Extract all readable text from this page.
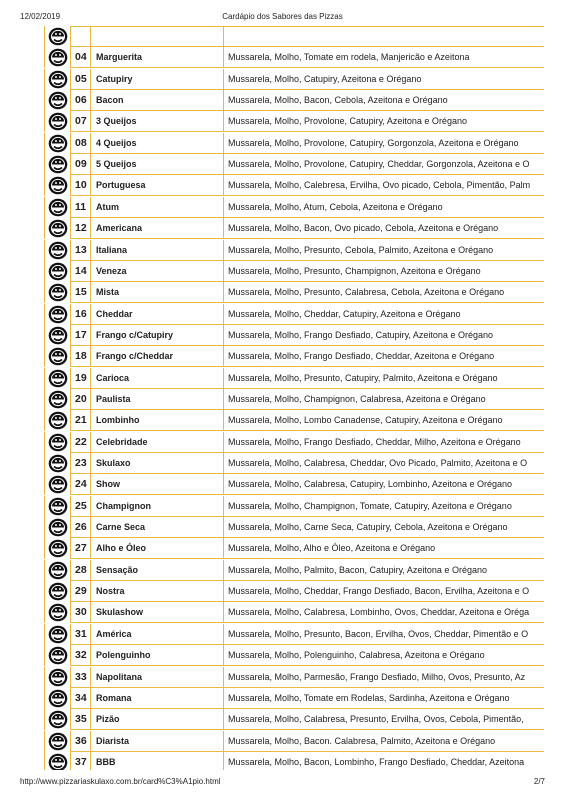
12/02/2019	Cardápio dos Sabores das Pizzas
04	Marguerita	Mussarela, Molho, Tomate em rodela, Manjericão e Azeitona
05	Catupiry	Mussarela, Molho, Catupiry, Azeitona e Orégano
06	Bacon	Mussarela, Molho, Bacon, Cebola, Azeitona e Orégano
07	3 Queijos	Mussarela, Molho, Provolone, Catupiry, Azeitona e Orégano
08	4 Queijos	Mussarela, Molho, Provolone, Catupiry, Gorgonzola, Azeitona e Orégano
09	5 Queijos	Mussarela, Molho, Provolone, Catupiry, Cheddar, Gorgonzola, Azeitona e O
10	Portuguesa	Mussarela, Molho, Calebresa, Ervilha, Ovo picado, Cebola, Pimentão, Palm
11	Atum	Mussarela, Molho, Atum, Cebola, Azeitona e Orégano
12	Americana	Mussarela, Molho, Bacon, Ovo picado, Cebola, Azeitona e Orégano
13	Italiana	Mussarela, Molho, Presunto, Cebola, Palmito, Azeitona e Orégano
14	Veneza	Mussarela, Molho, Presunto, Champignon, Azeitona e Orégano
15	Mista	Mussarela, Molho, Presunto, Calabresa, Cebola, Azeitona e Orégano
16	Cheddar	Mussarela, Molho, Cheddar, Catupiry, Azeitona e Orégano
17	Frango c/Catupiry	Mussarela, Molho, Frango Desfiado, Catupiry, Azeitona e Orégano
18	Frango c/Cheddar	Mussarela, Molho, Frango Desfiado, Cheddar, Azeitona e Orégano
19	Carioca	Mussarela, Molho, Presunto, Catupiry, Palmito, Azeitona e Orégano
20	Paulista	Mussarela, Molho, Champignon, Calabresa, Azeitona e Orégano
21	Lombinho	Mussarela, Molho, Lombo Canadense, Catupiry, Azeitona e Orégano
22	Celebridade	Mussarela, Molho, Frango Desfiado, Cheddar, Milho, Azeitona e Orégano
23	Skulaxo	Mussarela, Molho, Calabresa, Cheddar, Ovo Picado, Palmito, Azeitona e O
24	Show	Mussarela, Molho, Calabresa, Catupiry, Lombinho, Azeitona e Orégano
25	Champignon	Mussarela, Molho, Champignon, Tomate, Catupiry, Azeitona e Orégano
26	Carne Seca	Mussarela, Molho, Carne Seca, Catupiry, Cebola, Azeitona e Orégano
27	Alho e Óleo	Mussarela, Molho, Alho e Óleo, Azeitona e Orégano
28	Sensação	Mussarela, Molho, Palmito, Bacon, Catupiry, Azeitona e Orégano
29	Nostra	Mussarela, Molho, Cheddar, Frango Desfiado, Bacon, Ervilha, Azeitona e O
30	Skulashow	Mussarela, Molho, Calabresa, Lombinho, Ovos, Cheddar, Azeitona e Oréga
31	América	Mussarela, Molho, Presunto, Bacon, Ervilha, Ovos, Cheddar, Pimentão e O
32	Polenguinho	Mussarela, Molho, Polenguinho, Calabresa, Azeitona e Orégano
33	Napolitana	Mussarela, Molho, Parmesão, Frango Desfiado, Milho, Ovos, Presunto, Az
34	Romana	Mussarela, Molho, Tomate em Rodelas, Sardinha, Azeitona e Orégano
35	Pizão	Mussarela, Molho, Calabresa, Presunto, Ervilha, Ovos, Cebola, Pimentão,
36	Diarista	Mussarela, Molho, Bacon. Calabresa, Palmito, Azeitona e Orégano
37	BBB	Mussarela, Molho, Bacon, Lombinho, Frango Desfiado, Cheddar, Azeitona
http://www.pizzariaskulaxo.com.br/card%C3%A1pio.html	2/7
